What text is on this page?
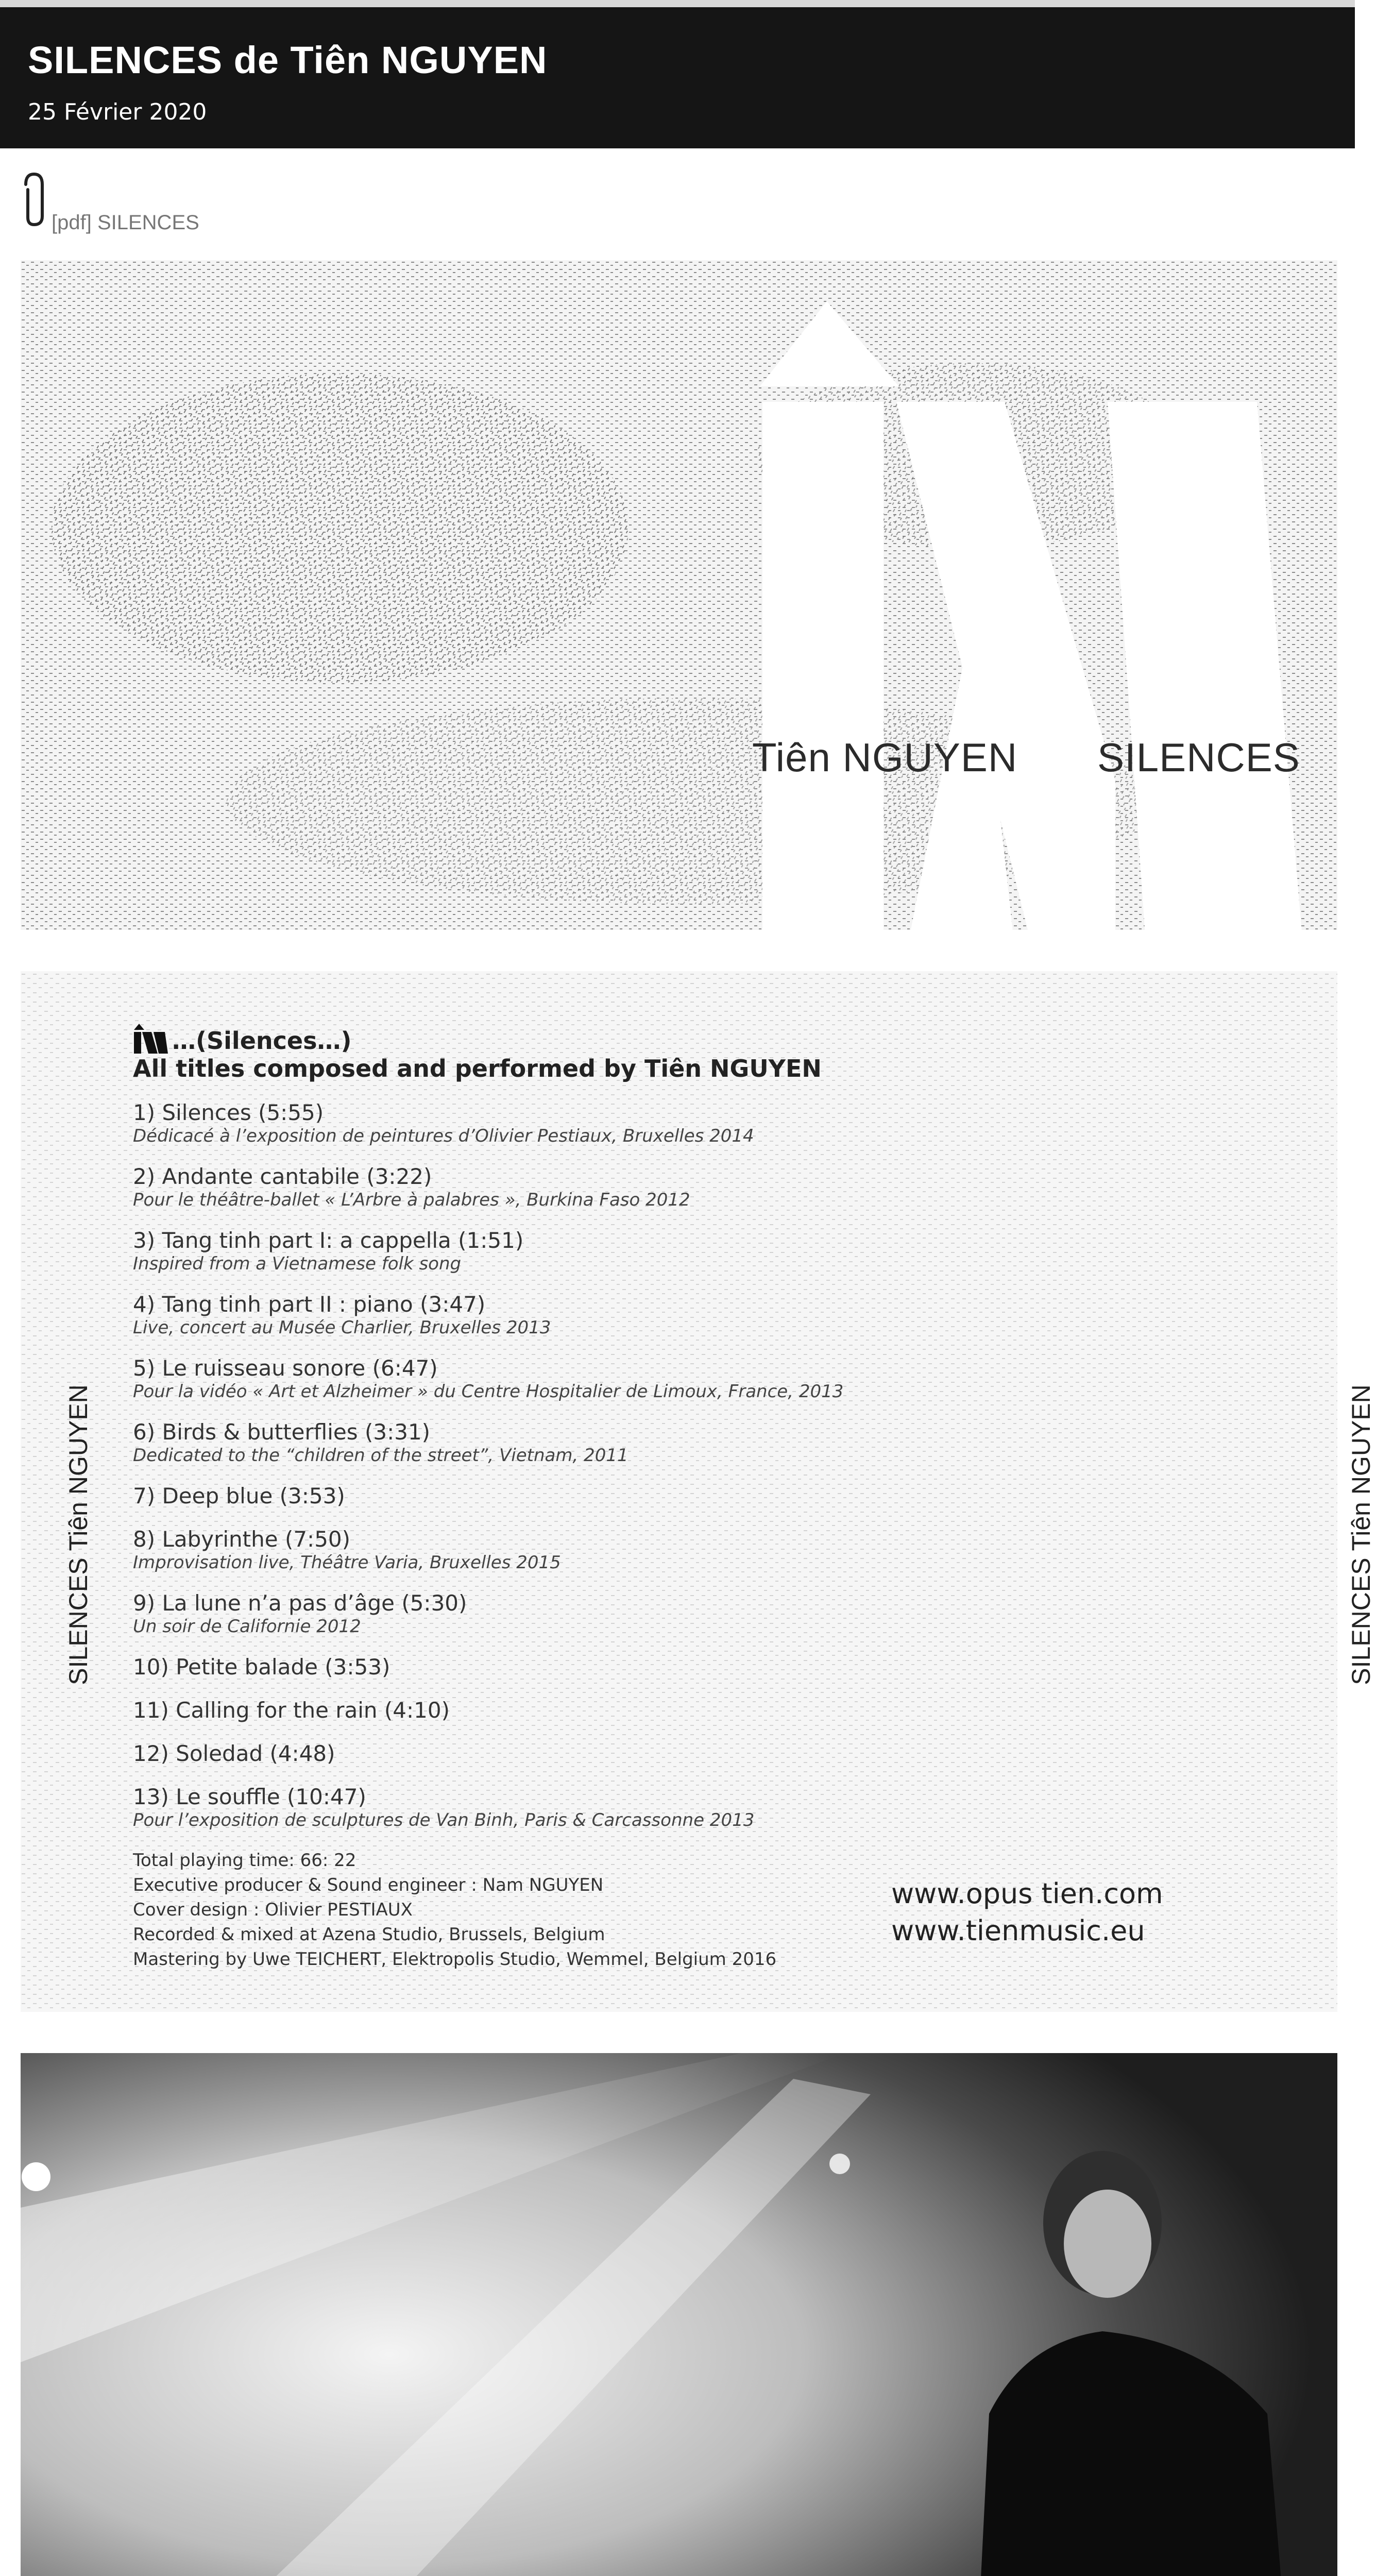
SILENCES de Tiên NGUYEN
25 Février 2020
[pdf] SILENCES
Tiên NGUYEN SILENCES
…(Silences…)
All titles composed and performed by Tiên NGUYEN
1) Silences (5:55)
Dédicacé à l’exposition de peintures d’Olivier Pestiaux, Bruxelles 2014
2) Andante cantabile (3:22)
Pour le théâtre-ballet « L’Arbre à palabres », Burkina Faso 2012
3) Tang tinh part I: a cappella (1:51)
Inspired from a Vietnamese folk song
4) Tang tinh part II : piano (3:47)
Live, concert au Musée Charlier, Bruxelles 2013
5) Le ruisseau sonore (6:47)
Pour la vidéo « Art et Alzheimer » du Centre Hospitalier de Limoux, France, 2013
6) Birds & butterflies (3:31)
Dedicated to the “children of the street”, Vietnam, 2011
7) Deep blue (3:53)
8) Labyrinthe (7:50)
Improvisation live, Théâtre Varia, Bruxelles 2015
9) La lune n’a pas d’âge (5:30)
Un soir de Californie 2012
10) Petite balade (3:53)
11) Calling for the rain (4:10)
12) Soledad (4:48)
13) Le souffle (10:47)
Pour l’exposition de sculptures de Van Binh, Paris & Carcassonne 2013
Total playing time: 66: 22
Executive producer & Sound engineer : Nam NGUYEN
Cover design : Olivier PESTIAUX
Recorded & mixed at Azena Studio, Brussels, Belgium
Mastering by Uwe TEICHERT, Elektropolis Studio, Wemmel, Belgium 2016
www.opus tien.com
www.tienmusic.eu
SILENCES Tiên NGUYEN	SILENCES Tiên NGUYEN
